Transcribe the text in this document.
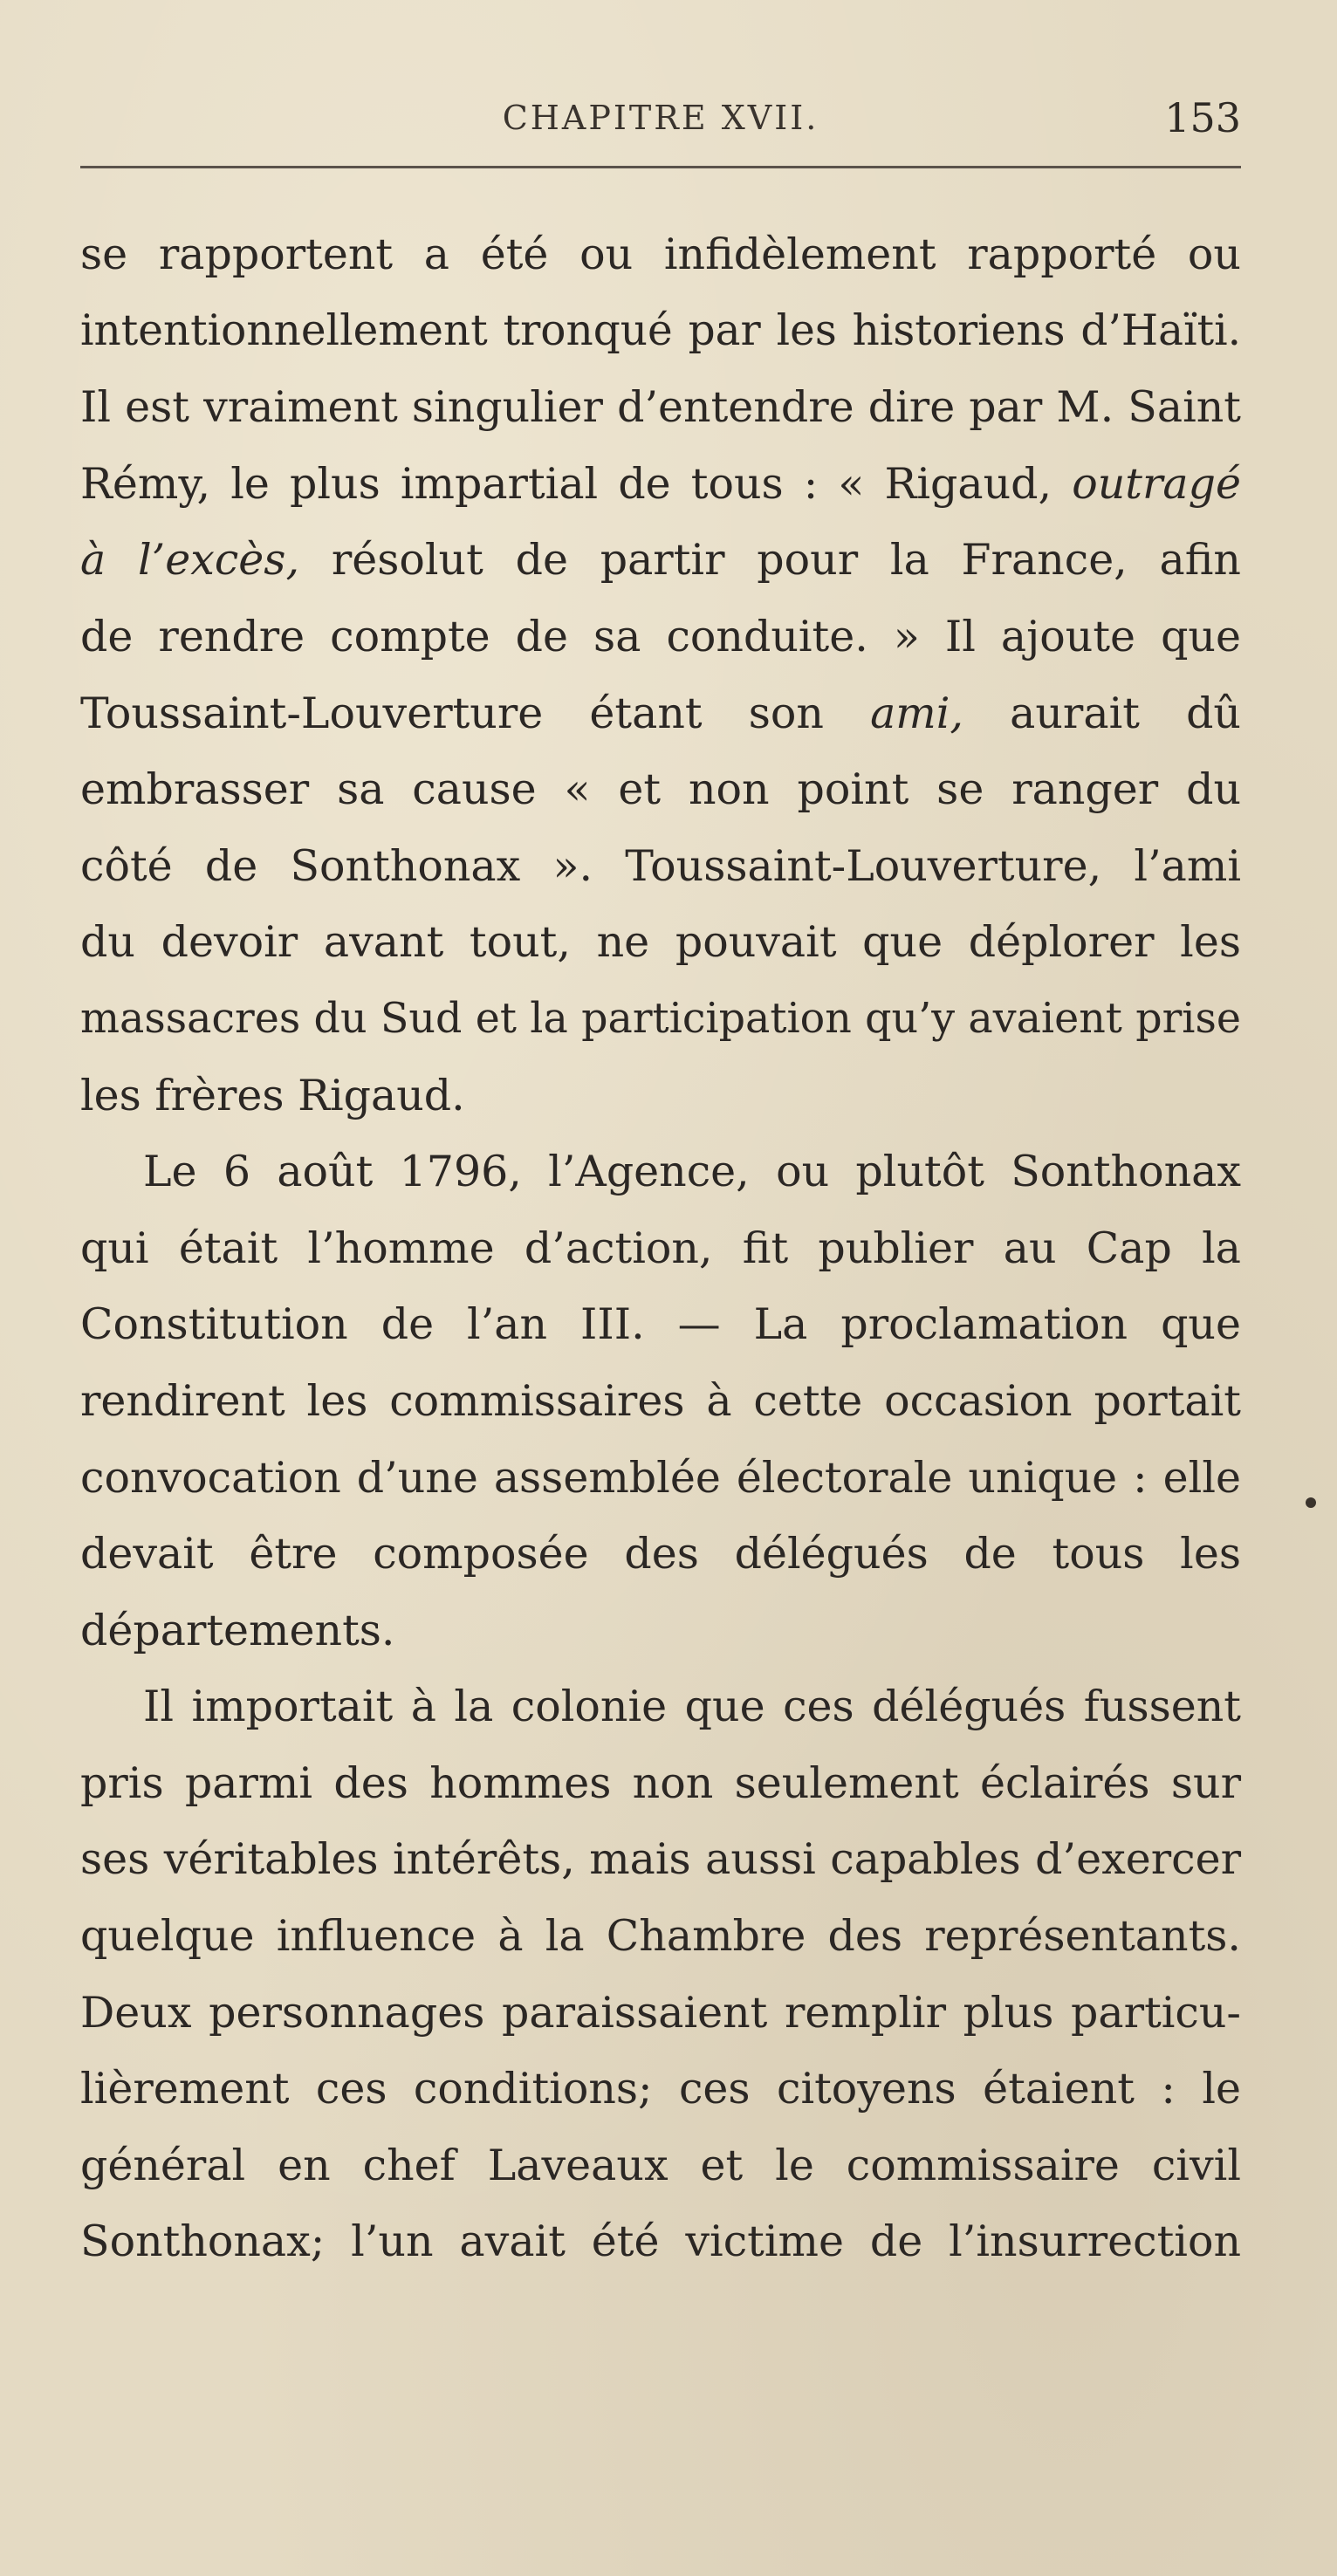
CHAPITRE XVII.	153

se rapportent a été ou infidèlement rapporté ou
intentionnellement tronqué par les historiens d’Haïti.
Il est vraiment singulier d’entendre dire par M. Saint
Rémy, le plus impartial de tous : « Rigaud, outragé
à l’excès, résolut de partir pour la France, afin
de rendre compte de sa conduite. » Il ajoute que
Toussaint-Louverture étant son ami, aurait dû
embrasser sa cause « et non point se ranger du
côté de Sonthonax ». Toussaint-Louverture, l’ami
du devoir avant tout, ne pouvait que déplorer les
massacres du Sud et la participation qu’y avaient prise
les frères Rigaud.

Le 6 août 1796, l’Agence, ou plutôt Sonthonax
qui était l’homme d’action, fit publier au Cap la
Constitution de l’an III. — La proclamation que
rendirent les commissaires à cette occasion portait
convocation d’une assemblée électorale unique : elle
devait être composée des délégués de tous les
départements.

Il importait à la colonie que ces délégués fussent
pris parmi des hommes non seulement éclairés sur
ses véritables intérêts, mais aussi capables d’exercer
quelque influence à la Chambre des représentants.
Deux personnages paraissaient remplir plus particu-
lièrement ces conditions; ces citoyens étaient : le
général en chef Laveaux et le commissaire civil
Sonthonax; l’un avait été victime de l’insurrection
